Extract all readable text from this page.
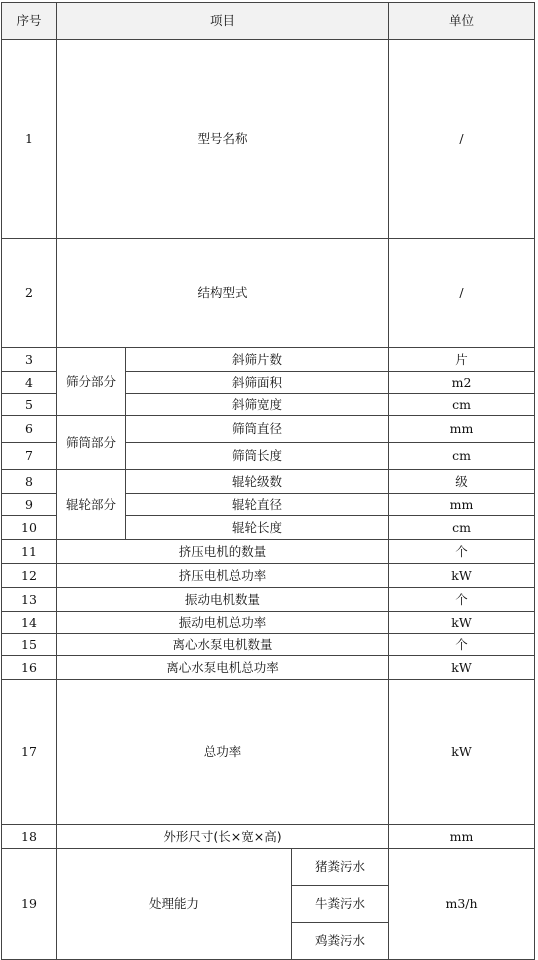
序号	项目			单位	
1	型号名称			/	
2	结构型式			/	
3	筛分部分	斜筛片数		片	
4		斜筛面积		m2	
5		斜筛宽度		cm	
6	筛筒部分	筛筒直径		mm	
7		筛筒长度		cm	
8	辊轮部分	辊轮级数		级	
9		辊轮直径		mm	
10		辊轮长度		cm	
11	挤压电机的数量			个	
12	挤压电机总功率			kW	
13	振动电机数量			个	
14	振动电机总功率			kW	
15	离心水泵电机数量			个	
16	离心水泵电机总功率			kW	
17	总功率			kW	
18	外形尺寸(长×宽×高)			mm	
19	处理能力		猪粪污水	m3/h	
			牛粪污水	
			鸡粪污水	
